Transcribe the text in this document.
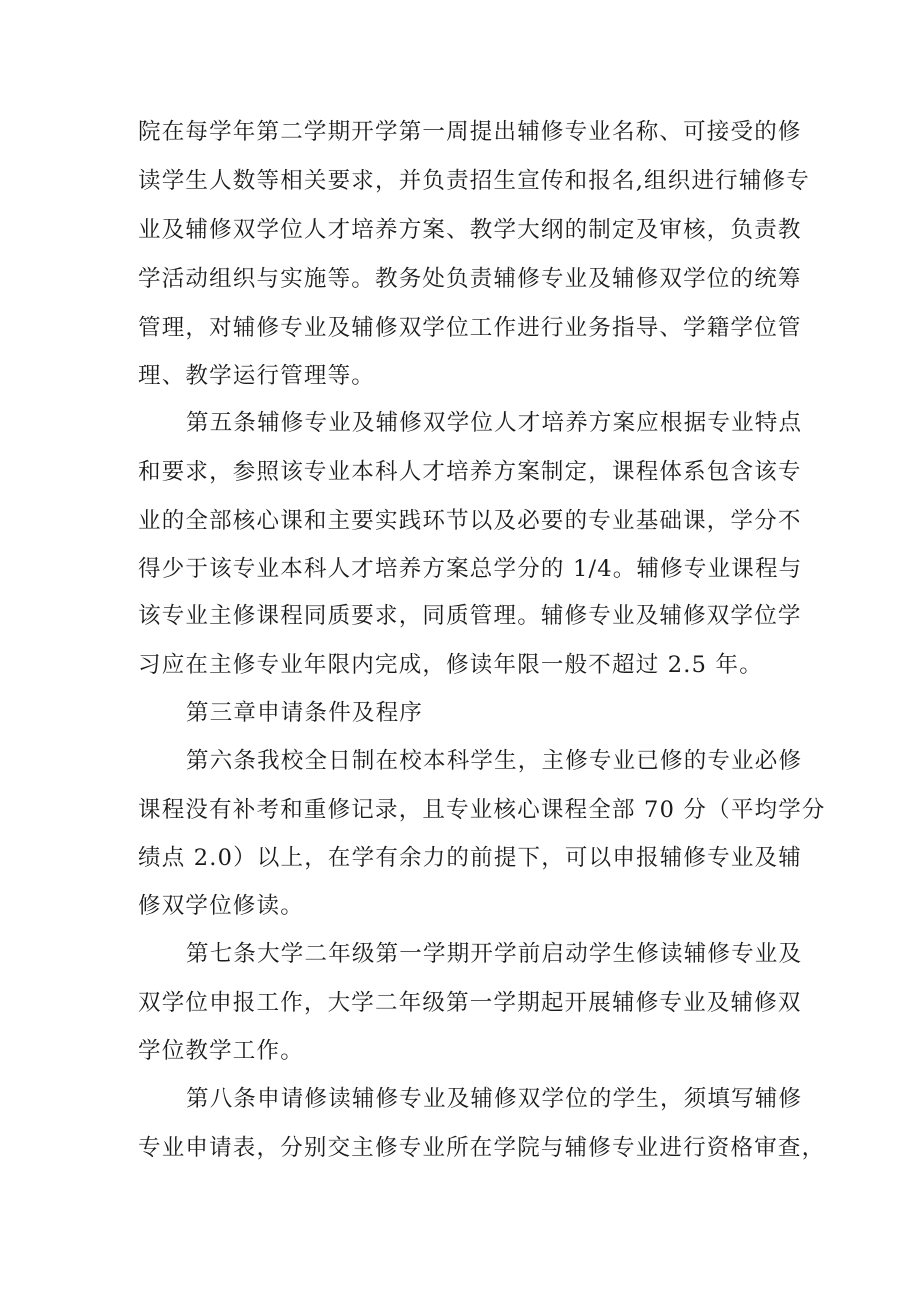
院在每学年第二学期开学第一周提出辅修专业名称、可接受的修
读学生人数等相关要求，并负责招生宣传和报名,组织进行辅修专
业及辅修双学位人才培养方案、教学大纲的制定及审核，负责教
学活动组织与实施等。教务处负责辅修专业及辅修双学位的统筹
管理，对辅修专业及辅修双学位工作进行业务指导、学籍学位管
理、教学运行管理等。
第五条辅修专业及辅修双学位人才培养方案应根据专业特点
和要求，参照该专业本科人才培养方案制定，课程体系包含该专
业的全部核心课和主要实践环节以及必要的专业基础课，学分不
得少于该专业本科人才培养方案总学分的 1/4。辅修专业课程与
该专业主修课程同质要求，同质管理。辅修专业及辅修双学位学
习应在主修专业年限内完成，修读年限一般不超过 2.5 年。
第三章申请条件及程序
第六条我校全日制在校本科学生，主修专业已修的专业必修
课程没有补考和重修记录，且专业核心课程全部 70 分（平均学分
绩点 2.0）以上，在学有余力的前提下，可以申报辅修专业及辅
修双学位修读。
第七条大学二年级第一学期开学前启动学生修读辅修专业及
双学位申报工作，大学二年级第一学期起开展辅修专业及辅修双
学位教学工作。
第八条申请修读辅修专业及辅修双学位的学生，须填写辅修
专业申请表，分别交主修专业所在学院与辅修专业进行资格审查，
